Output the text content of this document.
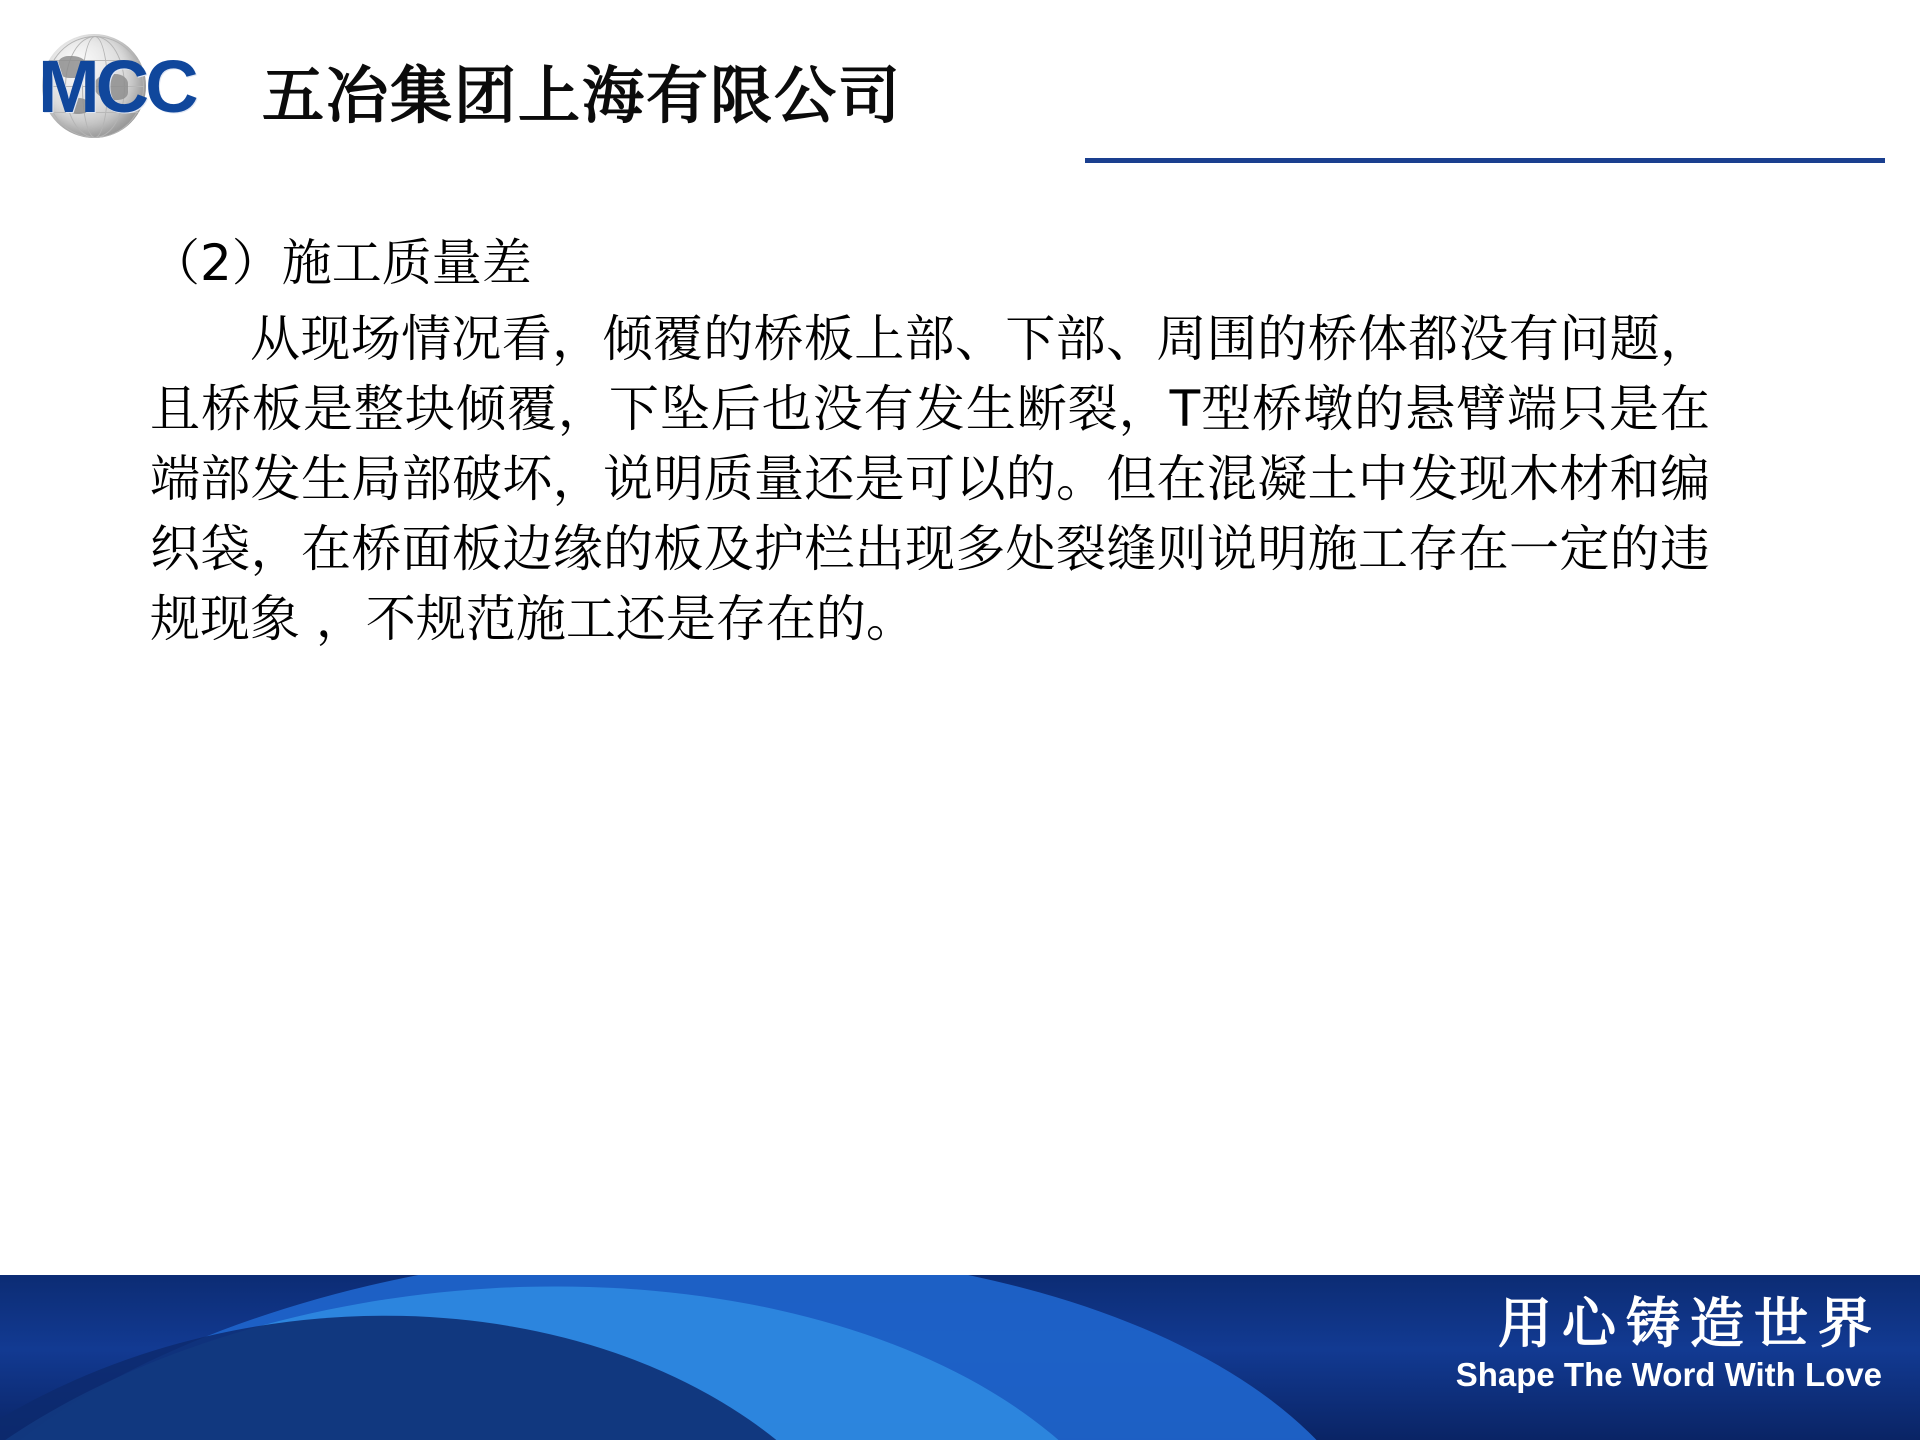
MCC 五冶集团上海有限公司

（2）施工质量差

从现场情况看，倾覆的桥板上部、下部、周围的桥体都没有问题，且桥板是整块倾覆，下坠后也没有发生断裂，T型桥墩的悬臂端只是在端部发生局部破坏，说明质量还是可以的。但在混凝土中发现木材和编织袋，在桥面板边缘的板及护栏出现多处裂缝则说明施工存在一定的违规现象 ，不规范施工还是存在的。

用心铸造世界
Shape The Word With Love
